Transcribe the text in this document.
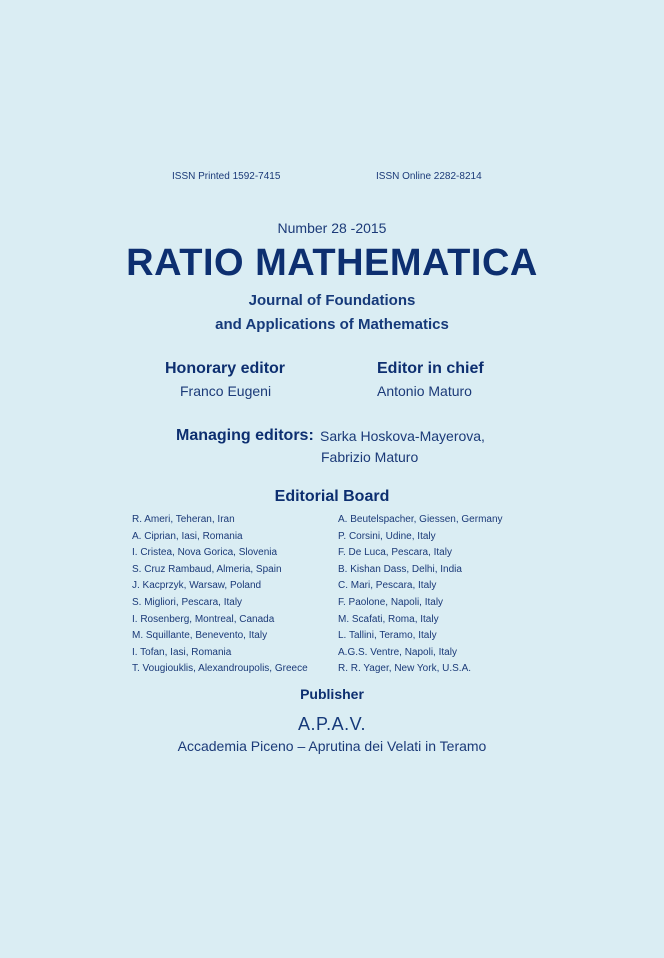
ISSN Printed 1592-7415	ISSN Online 2282-8214
Number 28 -2015
RATIO MATHEMATICA
Journal of Foundations
and Applications of Mathematics
Honorary editor
Franco Eugeni
Editor in chief
Antonio Maturo
Managing editors: Sarka Hoskova-Mayerova,
Fabrizio Maturo
Editorial Board
R. Ameri, Teheran, Iran
A. Ciprian, Iasi, Romania
I. Cristea, Nova Gorica, Slovenia
S. Cruz Rambaud, Almeria, Spain
J. Kacprzyk, Warsaw, Poland
S. Migliori, Pescara, Italy
I. Rosenberg, Montreal, Canada
M. Squillante, Benevento, Italy
I. Tofan, Iasi, Romania
T. Vougiouklis, Alexandroupolis, Greece
A. Beutelspacher, Giessen, Germany
P. Corsini, Udine, Italy
F. De Luca, Pescara, Italy
B. Kishan Dass, Delhi, India
C. Mari, Pescara, Italy
F. Paolone, Napoli, Italy
M. Scafati, Roma, Italy
L. Tallini, Teramo, Italy
A.G.S. Ventre, Napoli, Italy
R. R. Yager, New York, U.S.A.
Publisher
A.P.A.V.
Accademia Piceno – Aprutina dei Velati in Teramo
